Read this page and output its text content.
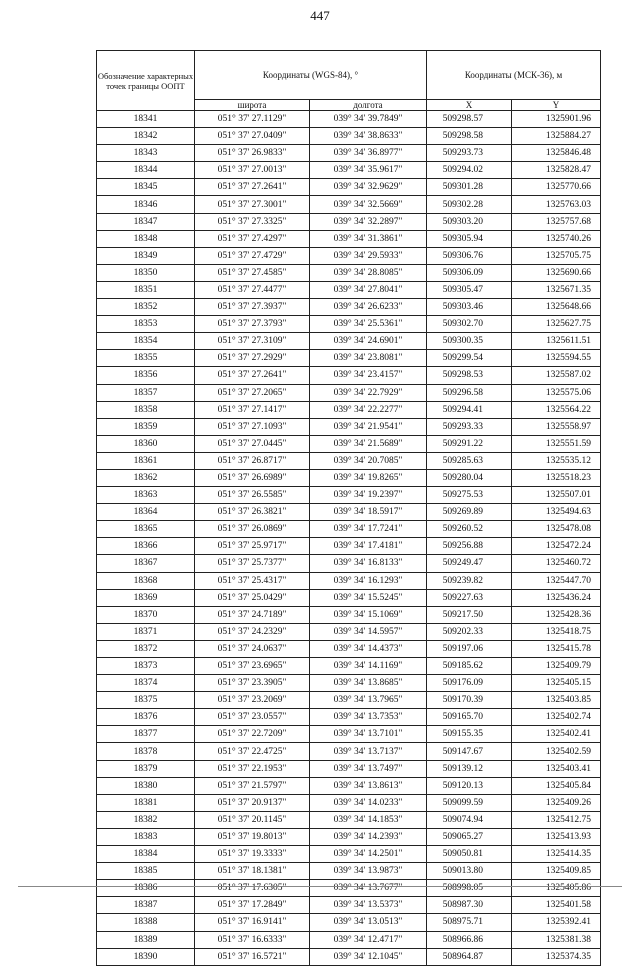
447
Обозначение характерных точек границы ООПТ	Координаты (WGS-84), °		Координаты (МСК-36), м	
	широта	долгота	X	Y
18341	051° 37' 27.1129"	039° 34' 39.7849"	509298.57	1325901.96
18342	051° 37' 27.0409"	039° 34' 38.8633"	509298.58	1325884.27
18343	051° 37' 26.9833"	039° 34' 36.8977"	509293.73	1325846.48
18344	051° 37' 27.0013"	039° 34' 35.9617"	509294.02	1325828.47
18345	051° 37' 27.2641"	039° 34' 32.9629"	509301.28	1325770.66
18346	051° 37' 27.3001"	039° 34' 32.5669"	509302.28	1325763.03
18347	051° 37' 27.3325"	039° 34' 32.2897"	509303.20	1325757.68
18348	051° 37' 27.4297"	039° 34' 31.3861"	509305.94	1325740.26
18349	051° 37' 27.4729"	039° 34' 29.5933"	509306.76	1325705.75
18350	051° 37' 27.4585"	039° 34' 28.8085"	509306.09	1325690.66
18351	051° 37' 27.4477"	039° 34' 27.8041"	509305.47	1325671.35
18352	051° 37' 27.3937"	039° 34' 26.6233"	509303.46	1325648.66
18353	051° 37' 27.3793"	039° 34' 25.5361"	509302.70	1325627.75
18354	051° 37' 27.3109"	039° 34' 24.6901"	509300.35	1325611.51
18355	051° 37' 27.2929"	039° 34' 23.8081"	509299.54	1325594.55
18356	051° 37' 27.2641"	039° 34' 23.4157"	509298.53	1325587.02
18357	051° 37' 27.2065"	039° 34' 22.7929"	509296.58	1325575.06
18358	051° 37' 27.1417"	039° 34' 22.2277"	509294.41	1325564.22
18359	051° 37' 27.1093"	039° 34' 21.9541"	509293.33	1325558.97
18360	051° 37' 27.0445"	039° 34' 21.5689"	509291.22	1325551.59
18361	051° 37' 26.8717"	039° 34' 20.7085"	509285.63	1325535.12
18362	051° 37' 26.6989"	039° 34' 19.8265"	509280.04	1325518.23
18363	051° 37' 26.5585"	039° 34' 19.2397"	509275.53	1325507.01
18364	051° 37' 26.3821"	039° 34' 18.5917"	509269.89	1325494.63
18365	051° 37' 26.0869"	039° 34' 17.7241"	509260.52	1325478.08
18366	051° 37' 25.9717"	039° 34' 17.4181"	509256.88	1325472.24
18367	051° 37' 25.7377"	039° 34' 16.8133"	509249.47	1325460.72
18368	051° 37' 25.4317"	039° 34' 16.1293"	509239.82	1325447.70
18369	051° 37' 25.0429"	039° 34' 15.5245"	509227.63	1325436.24
18370	051° 37' 24.7189"	039° 34' 15.1069"	509217.50	1325428.36
18371	051° 37' 24.2329"	039° 34' 14.5957"	509202.33	1325418.75
18372	051° 37' 24.0637"	039° 34' 14.4373"	509197.06	1325415.78
18373	051° 37' 23.6965"	039° 34' 14.1169"	509185.62	1325409.79
18374	051° 37' 23.3905"	039° 34' 13.8685"	509176.09	1325405.15
18375	051° 37' 23.2069"	039° 34' 13.7965"	509170.39	1325403.85
18376	051° 37' 23.0557"	039° 34' 13.7353"	509165.70	1325402.74
18377	051° 37' 22.7209"	039° 34' 13.7101"	509155.35	1325402.41
18378	051° 37' 22.4725"	039° 34' 13.7137"	509147.67	1325402.59
18379	051° 37' 22.1953"	039° 34' 13.7497"	509139.12	1325403.41
18380	051° 37' 21.5797"	039° 34' 13.8613"	509120.13	1325405.84
18381	051° 37' 20.9137"	039° 34' 14.0233"	509099.59	1325409.26
18382	051° 37' 20.1145"	039° 34' 14.1853"	509074.94	1325412.75
18383	051° 37' 19.8013"	039° 34' 14.2393"	509065.27	1325413.93
18384	051° 37' 19.3333"	039° 34' 14.2501"	509050.81	1325414.35
18385	051° 37' 18.1381"	039° 34' 13.9873"	509013.80	1325409.85
18386	051° 37' 17.6305"	039° 34' 13.7677"	508998.05	1325405.86
18387	051° 37' 17.2849"	039° 34' 13.5373"	508987.30	1325401.58
18388	051° 37' 16.9141"	039° 34' 13.0513"	508975.71	1325392.41
18389	051° 37' 16.6333"	039° 34' 12.4717"	508966.86	1325381.38
18390	051° 37' 16.5721"	039° 34' 12.1045"	508964.87	1325374.35
